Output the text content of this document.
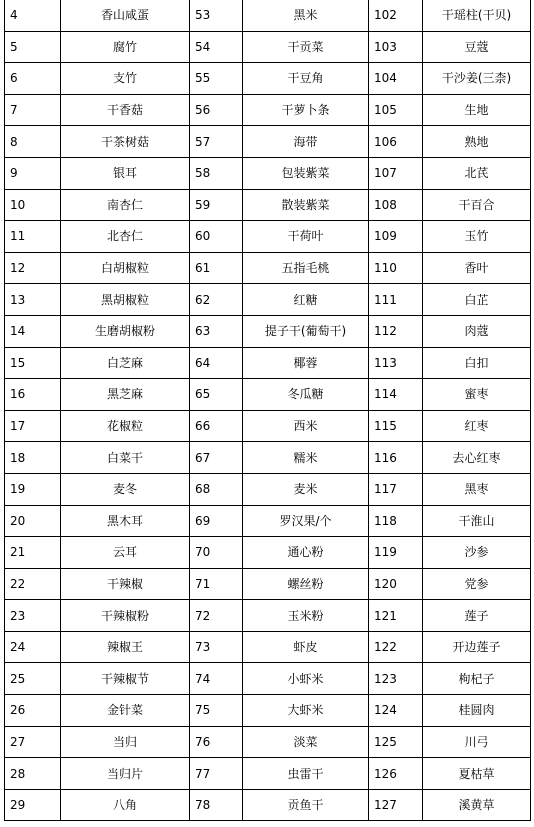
4	香山咸蛋	53	黑米	102	干瑶柱(干贝)
5	腐竹	54	干贡菜	103	豆蔻
6	支竹	55	干豆角	104	干沙姜(三柰)
7	干香菇	56	干萝卜条	105	生地
8	干茶树菇	57	海带	106	熟地
9	银耳	58	包装紫菜	107	北芪
10	南杏仁	59	散装紫菜	108	干百合
11	北杏仁	60	干荷叶	109	玉竹
12	白胡椒粒	61	五指毛桃	110	香叶
13	黑胡椒粒	62	红糖	111	白芷
14	生磨胡椒粉	63	提子干(葡萄干)	112	肉蔻
15	白芝麻	64	椰蓉	113	白扣
16	黑芝麻	65	冬瓜糖	114	蜜枣
17	花椒粒	66	西米	115	红枣
18	白菜干	67	糯米	116	去心红枣
19	麦冬	68	麦米	117	黑枣
20	黑木耳	69	罗汉果/个	118	干淮山
21	云耳	70	通心粉	119	沙参
22	干辣椒	71	螺丝粉	120	党参
23	干辣椒粉	72	玉米粉	121	莲子
24	辣椒王	73	虾皮	122	开边莲子
25	干辣椒节	74	小虾米	123	枸杞子
26	金针菜	75	大虾米	124	桂圆肉
27	当归	76	淡菜	125	川弓
28	当归片	77	虫雷干	126	夏枯草
29	八角	78	贡鱼干	127	溪黄草
